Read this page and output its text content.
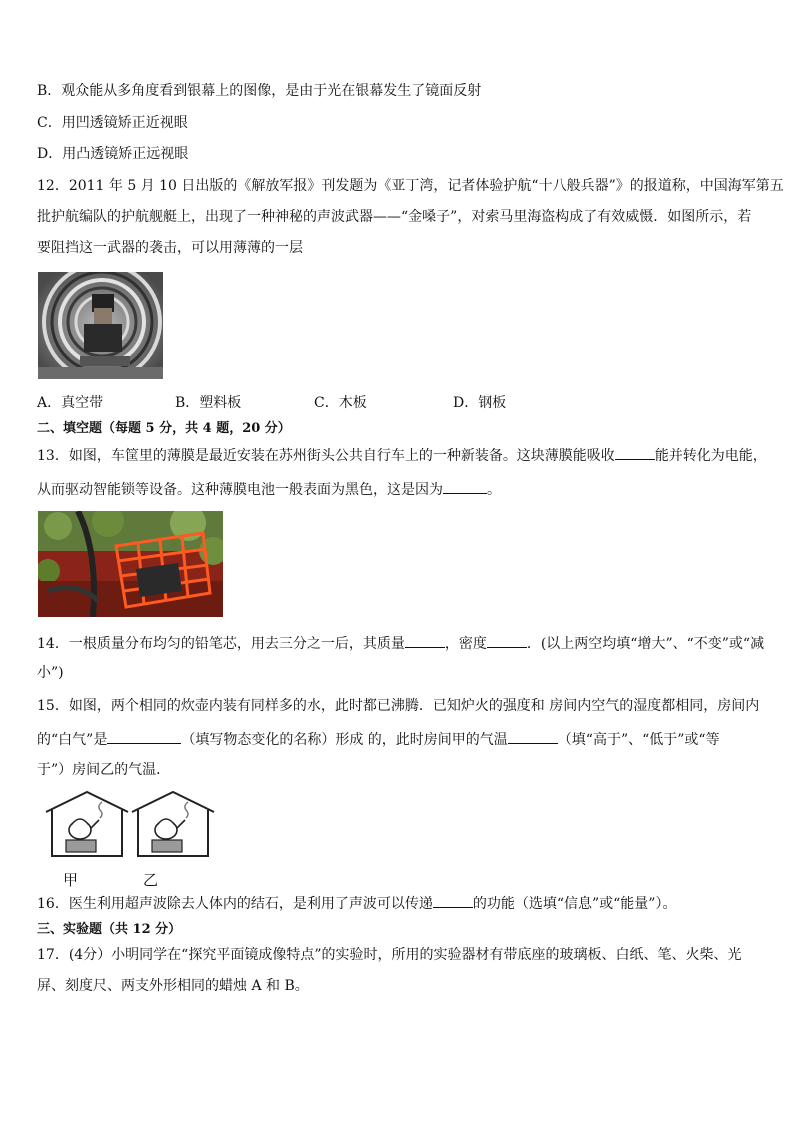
B．观众能从多角度看到银幕上的图像，是由于光在银幕发生了镜面反射
C．用凹透镜矫正近视眼
D．用凸透镜矫正远视眼
12．2011 年 5 月 10 日出版的《解放军报》刊发题为《亚丁湾，记者体验护航“十八般兵器”》的报道称，中国海军第五
批护航编队的护航舰艇上，出现了一种神秘的声波武器——“金嗓子”，对索马里海盗构成了有效威慑．如图所示，若
要阻挡这一武器的袭击，可以用薄薄的一层
A．真空带	B．塑料板	C．木板	D．钢板
二、填空题（每题 5 分，共 4 题，20 分）
13．如图，车筐里的薄膜是最近安装在苏州街头公共自行车上的一种新装备。这块薄膜能吸收	能并转化为电能，
从而驱动智能锁等设备。这种薄膜电池一般表面为黑色，这是因为	。
14．一根质量分布均匀的铅笔芯，用去三分之一后，其质量	，密度	．(以上两空均填“增大”、“不变”或“减
小”)
15．如图，两个相同的炊壶内装有同样多的水，此时都已沸腾．已知炉火的强度和 房间内空气的湿度都相同，房间内
的“白气”是	（填写物态变化的名称）形成 的，此时房间甲的气温	（填“高于”、“低于”或“等
于”）房间乙的气温．
甲	乙
16．医生利用超声波除去人体内的结石，是利用了声波可以传递	的功能（选填“信息”或“能量”）。
三、实验题（共 12 分）
17．(4分）小明同学在“探究平面镜成像特点”的实验时，所用的实验器材有带底座的玻璃板、白纸、笔、火柴、光
屏、刻度尺、两支外形相同的蜡烛 A 和 B。
